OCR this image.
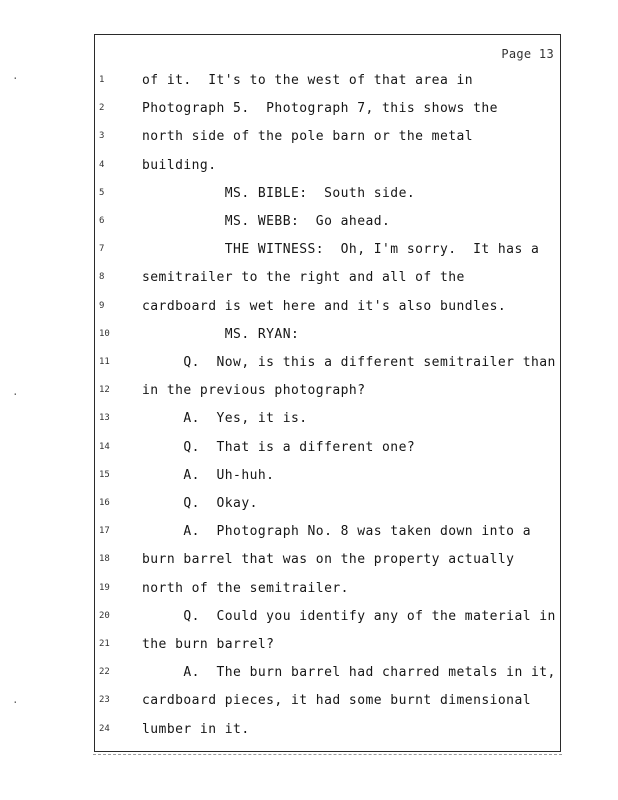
Page 13
1	of it.  It's to the west of that area in
2	Photograph 5.  Photograph 7, this shows the
3	north side of the pole barn or the metal
4	building.
5	MS. BIBLE:  South side.
6	MS. WEBB:  Go ahead.
7	THE WITNESS:  Oh, I'm sorry.  It has a
8	semitrailer to the right and all of the
9	cardboard is wet here and it's also bundles.
10	MS. RYAN:
11	Q.  Now, is this a different semitrailer than
12	in the previous photograph?
13	A.  Yes, it is.
14	Q.  That is a different one?
15	A.  Uh-huh.
16	Q.  Okay.
17	A.  Photograph No. 8 was taken down into a
18	burn barrel that was on the property actually
19	north of the semitrailer.
20	Q.  Could you identify any of the material in
21	the burn barrel?
22	A.  The burn barrel had charred metals in it,
23	cardboard pieces, it had some burnt dimensional
24	lumber in it.
·
·
·
